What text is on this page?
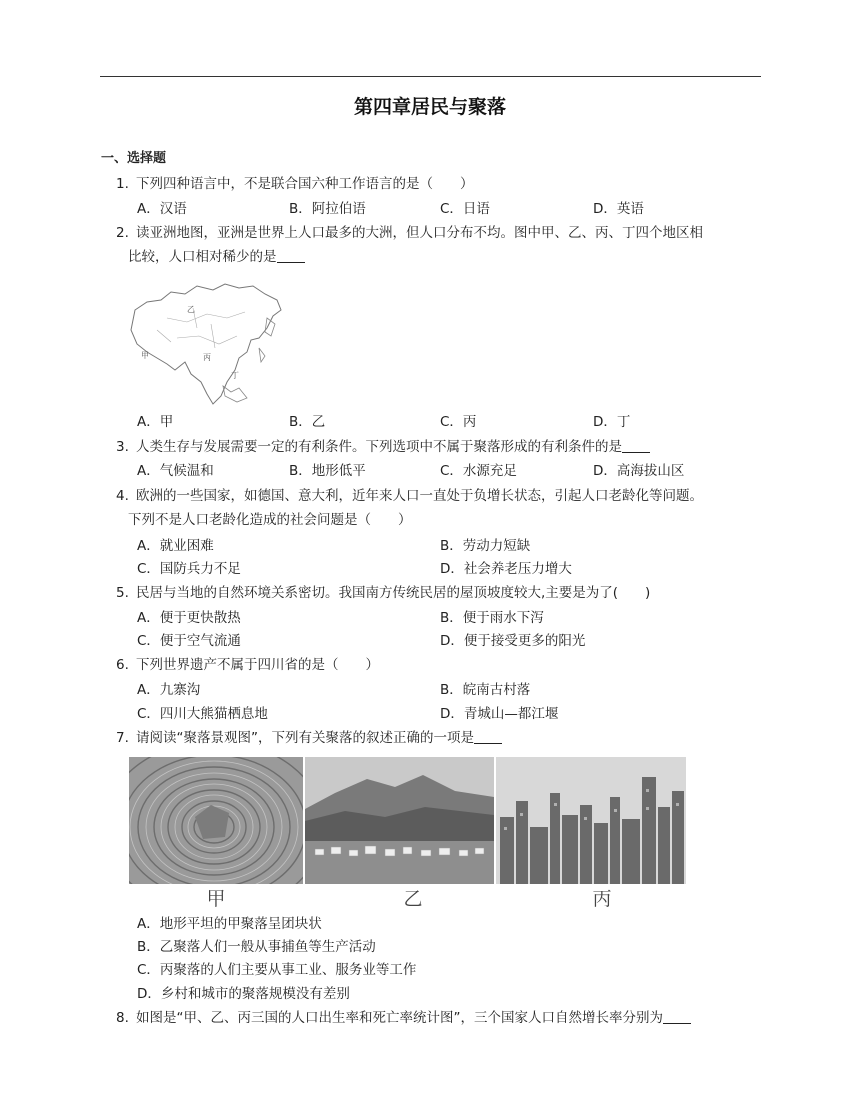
第四章居民与聚落
一、选择题
1. 下列四种语言中，不是联合国六种工作语言的是（　　）
A．汉语	B．阿拉伯语	C．日语	D．英语
2. 读亚洲地图，亚洲是世界上人口最多的大洲，但人口分布不均。图中甲、乙、丙、丁四个地区相
比较，人口相对稀少的是
甲
乙
丙
丁
A．甲	B．乙	C．丙	D．丁
3. 人类生存与发展需要一定的有利条件。下列选项中不属于聚落形成的有利条件的是
A．气候温和	B．地形低平	C．水源充足	D．高海拔山区
4. 欧洲的一些国家，如德国、意大利，近年来人口一直处于负增长状态，引起人口老龄化等问题。
下列不是人口老龄化造成的社会问题是（　　）
A．就业困难	B．劳动力短缺
C．国防兵力不足	D．社会养老压力增大
5. 民居与当地的自然环境关系密切。我国南方传统民居的屋顶坡度较大,主要是为了(　　)
A．便于更快散热	B．便于雨水下泻
C．便于空气流通	D．便于接受更多的阳光
6. 下列世界遗产不属于四川省的是（　　）
A．九寨沟	B．皖南古村落
C．四川大熊猫栖息地	D．青城山—都江堰
7. 请阅读“聚落景观图”，下列有关聚落的叙述正确的一项是
甲	乙	丙
A．地形平坦的甲聚落呈团块状
B．乙聚落人们一般从事捕鱼等生产活动
C．丙聚落的人们主要从事工业、服务业等工作
D．乡村和城市的聚落规模没有差别
8. 如图是“甲、乙、丙三国的人口出生率和死亡率统计图”，三个国家人口自然增长率分别为
